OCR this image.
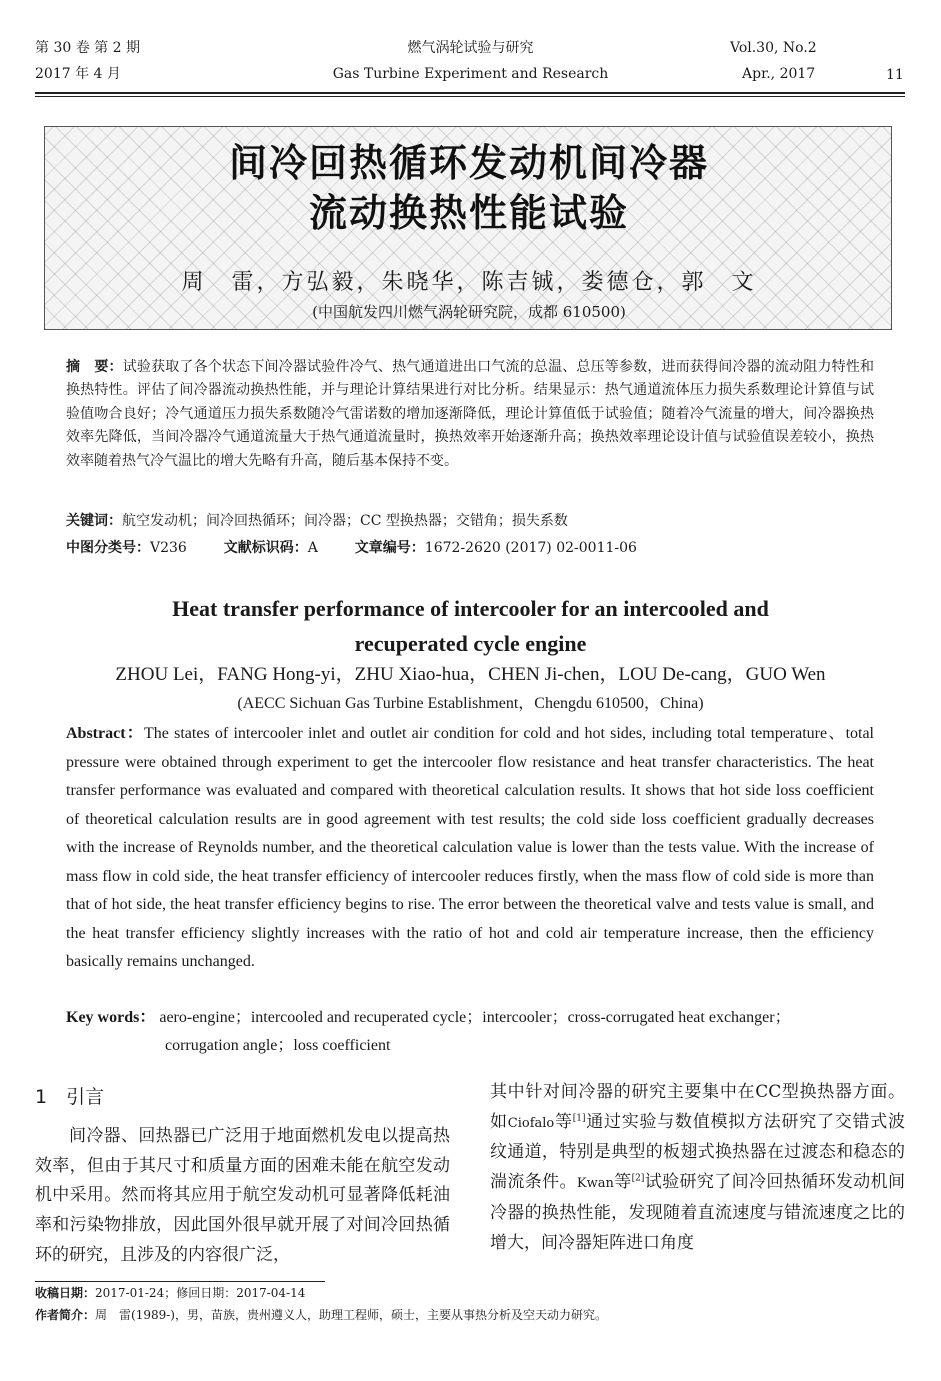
第 30 卷 第 2 期
2017 年 4 月
燃气涡轮试验与研究
Gas Turbine Experiment and Research
Vol.30, No.2
Apr., 2017	11
间冷回热循环发动机间冷器
流动换热性能试验
周　雷，方弘毅，朱晓华，陈吉铖，娄德仓，郭　文
(中国航发四川燃气涡轮研究院，成都 610500)
摘　要：试验获取了各个状态下间冷器试验件冷气、热气通道进出口气流的总温、总压等参数，进而获得间冷器的流动阻力特性和换热特性。评估了间冷器流动换热性能，并与理论计算结果进行对比分析。结果显示：热气通道流体压力损失系数理论计算值与试验值吻合良好；冷气通道压力损失系数随冷气雷诺数的增加逐渐降低，理论计算值低于试验值；随着冷气流量的增大，间冷器换热效率先降低，当间冷器冷气通道流量大于热气通道流量时，换热效率开始逐渐升高；换热效率理论设计值与试验值误差较小，换热效率随着热气冷气温比的增大先略有升高，随后基本保持不变。
关键词：航空发动机；间冷回热循环；间冷器；CC 型换热器；交错角；损失系数
中图分类号：V236	文献标识码：A	文章编号：1672-2620 (2017) 02-0011-06
Heat transfer performance of intercooler for an intercooled and
recuperated cycle engine
ZHOU Lei，FANG Hong-yi，ZHU Xiao-hua，CHEN Ji-chen，LOU De-cang，GUO Wen
(AECC Sichuan Gas Turbine Establishment，Chengdu 610500，China)
Abstract：The states of intercooler inlet and outlet air condition for cold and hot sides, including total temperature、total pressure were obtained through experiment to get the intercooler flow resistance and heat transfer characteristics. The heat transfer performance was evaluated and compared with theoretical calculation results. It shows that hot side loss coefficient of theoretical calculation results are in good agreement with test results; the cold side loss coefficient gradually decreases with the increase of Reynolds number, and the theoretical calculation value is lower than the tests value. With the increase of mass flow in cold side, the heat transfer efficiency of intercooler reduces firstly, when the mass flow of cold side is more than that of hot side, the heat transfer efficiency begins to rise. The error between the theoretical valve and tests value is small, and the heat transfer efficiency slightly increases with the ratio of hot and cold air temperature increase, then the efficiency basically remains unchanged.
Key words： aero-engine；intercooled and recuperated cycle；intercooler；cross-corrugated heat exchanger；
corrugation angle；loss coefficient
1　引言

间冷器、回热器已广泛用于地面燃机发电以提高热效率，但由于其尺寸和质量方面的困难未能在航空发动机中采用。然而将其应用于航空发动机可显著降低耗油率和污染物排放，因此国外很早就开展了对间冷回热循环的研究，且涉及的内容很广泛，

其中针对间冷器的研究主要集中在CC型换热器方面。如Ciofalo等[1]通过实验与数值模拟方法研究了交错式波纹通道，特别是典型的板翅式换热器在过渡态和稳态的湍流条件。Kwan等[2]试验研究了间冷回热循环发动机间冷器的换热性能，发现随着直流速度与错流速度之比的增大，间冷器矩阵进口角度

收稿日期：2017-01-24；修回日期：2017-04-14
作者简介：周　雷(1989-)，男，苗族，贵州遵义人，助理工程师，硕士，主要从事热分析及空天动力研究。
